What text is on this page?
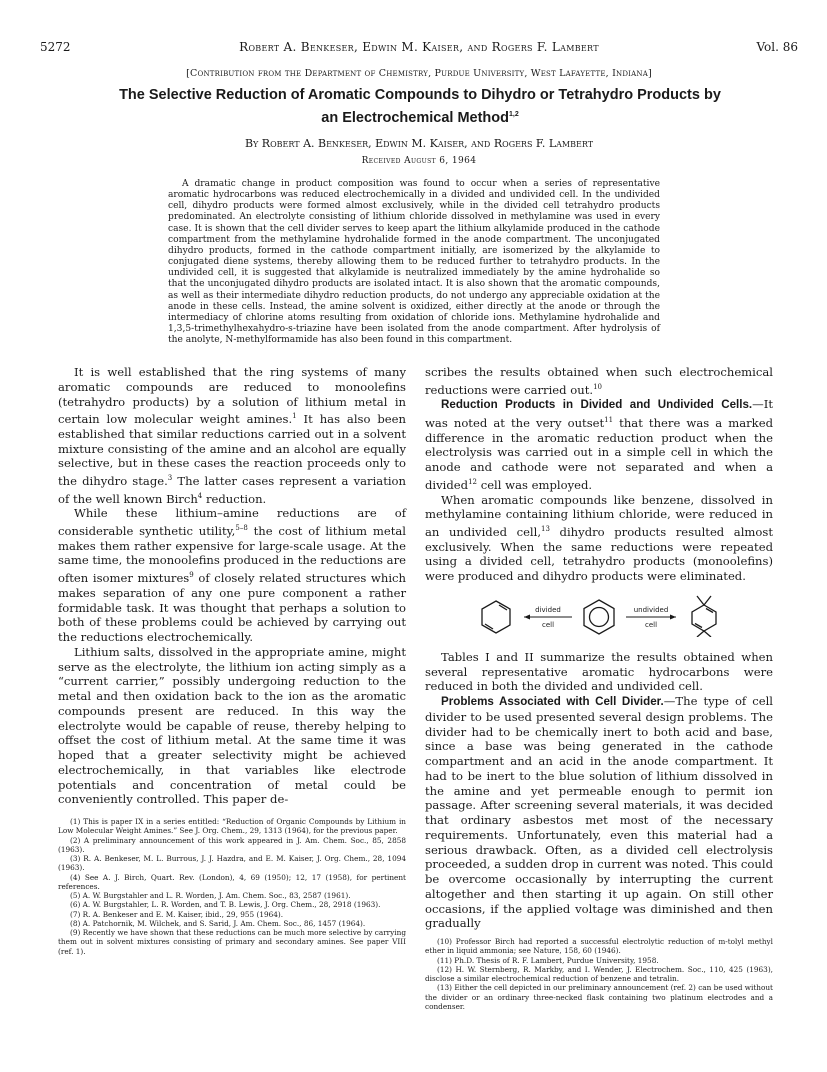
5272	Robert A. Benkeser, Edwin M. Kaiser, and Rogers F. Lambert	Vol. 86
[Contribution from the Department of Chemistry, Purdue University, West Lafayette, Indiana]
The Selective Reduction of Aromatic Compounds to Dihydro or Tetrahydro Products by
an Electrochemical Method$^{1,2}$
By Robert A. Benkeser, Edwin M. Kaiser, and Rogers F. Lambert
Received August 6, 1964

A dramatic change in product composition was found to occur when a series of representative aromatic hydrocarbons was reduced electrochemically in a divided and undivided cell. In the undivided cell, dihydro products were formed almost exclusively, while in the divided cell tetrahydro products predominated. An electrolyte consisting of lithium chloride dissolved in methylamine was used in every case. It is shown that the cell divider serves to keep apart the lithium alkylamide produced in the cathode compartment from the methylamine hydrohalide formed in the anode compartment. The unconjugated dihydro products, formed in the cathode compartment initially, are isomerized by the alkylamide to conjugated diene systems, thereby allowing them to be reduced further to tetrahydro products. In the undivided cell, it is suggested that alkylamide is neutralized immediately by the amine hydrohalide so that the unconjugated dihydro products are isolated intact. It is also shown that the aromatic compounds, as well as their intermediate dihydro reduction products, do not undergo any appreciable oxidation at the anode in these cells. Instead, the amine solvent is oxidized, either directly at the anode or through the intermediacy of chlorine atoms resulting from oxidation of chloride ions. Methylamine hydrohalide and 1,3,5-trimethylhexahydro-s-triazine have been isolated from the anode compartment. After hydrolysis of the anolyte, N-methylformamide has also been found in this compartment.

It is well established that the ring systems of many aromatic compounds are reduced to monoolefins (tetrahydro products) by a solution of lithium metal in certain low molecular weight amines.$^1$ It has also been established that similar reductions carried out in a solvent mixture consisting of the amine and an alcohol are equally selective, but in these cases the reaction proceeds only to the dihydro stage.$^3$ The latter cases represent a variation of the well known Birch$^4$ reduction.

While these lithium–amine reductions are of considerable synthetic utility,$^{5-8}$ the cost of lithium metal makes them rather expensive for large-scale usage. At the same time, the monoolefins produced in the reductions are often isomer mixtures$^9$ of closely related structures which makes separation of any one pure component a rather formidable task. It was thought that perhaps a solution to both of these problems could be achieved by carrying out the reductions electrochemically.

Lithium salts, dissolved in the appropriate amine, might serve as the electrolyte, the lithium ion acting simply as a “current carrier,” possibly undergoing reduction to the metal and then oxidation back to the ion as the aromatic compounds present are reduced. In this way the electrolyte would be capable of reuse, thereby helping to offset the cost of lithium metal. At the same time it was hoped that a greater selectivity might be achieved electrochemically, in that variables like electrode potentials and concentration of metal could be conveniently controlled. This paper de-

(1) This is paper IX in a series entitled: “Reduction of Organic Compounds by Lithium in Low Molecular Weight Amines.” See J. Org. Chem., 29, 1313 (1964), for the previous paper.

(2) A preliminary announcement of this work appeared in J. Am. Chem. Soc., 85, 2858 (1963).

(3) R. A. Benkeser, M. L. Burrous, J. J. Hazdra, and E. M. Kaiser, J. Org. Chem., 28, 1094 (1963).

(4) See A. J. Birch, Quart. Rev. (London), 4, 69 (1950); 12, 17 (1958), for pertinent references.

(5) A. W. Burgstahler and L. R. Worden, J. Am. Chem. Soc., 83, 2587 (1961).

(6) A. W. Burgstahler, L. R. Worden, and T. B. Lewis, J. Org. Chem., 28, 2918 (1963).

(7) R. A. Benkeser and E. M. Kaiser, ibid., 29, 955 (1964).

(8) A. Patchornik, M. Wilchek, and S. Sarid, J. Am. Chem. Soc., 86, 1457 (1964).

(9) Recently we have shown that these reductions can be much more selective by carrying them out in solvent mixtures consisting of primary and secondary amines. See paper VIII (ref. 1).

scribes the results obtained when such electrochemical reductions were carried out.$^{10}$

Reduction Products in Divided and Undivided Cells.—It was noted at the very outset$^{11}$ that there was a marked difference in the aromatic reduction product when the electrolysis was carried out in a simple cell in which the anode and cathode were not separated and when a divided$^{12}$ cell was employed.

When aromatic compounds like benzene, dissolved in methylamine containing lithium chloride, were reduced in an undivided cell,$^{13}$ dihydro products resulted almost exclusively. When the same reductions were repeated using a divided cell, tetrahydro products (monoolefins) were produced and dihydro products were eliminated.

Tables I and II summarize the results obtained when several representative aromatic hydrocarbons were reduced in both the divided and undivided cell.

Problems Associated with Cell Divider.—The type of cell divider to be used presented several design problems. The divider had to be chemically inert to both acid and base, since a base was being generated in the cathode compartment and an acid in the anode compartment. It had to be inert to the blue solution of lithium dissolved in the amine and yet permeable enough to permit ion passage. After screening several materials, it was decided that ordinary asbestos met most of the necessary requirements. Unfortunately, even this material had a serious drawback. Often, as a divided cell electrolysis proceeded, a sudden drop in current was noted. This could be overcome occasionally by interrupting the current altogether and then starting it up again. On still other occasions, if the applied voltage was diminished and then gradually

(10) Professor Birch had reported a successful electrolytic reduction of m-tolyl methyl ether in liquid ammonia; see Nature, 158, 60 (1946).

(11) Ph.D. Thesis of R. F. Lambert, Purdue University, 1958.

(12) H. W. Sternberg, R. Markby, and I. Wender, J. Electrochem. Soc., 110, 425 (1963), disclose a similar electrochemical reduction of benzene and tetralin.

(13) Either the cell depicted in our preliminary announcement (ref. 2) can be used without the divider or an ordinary three-necked flask containing two platinum electrodes and a condenser.

divided
cell
undivided
cell
